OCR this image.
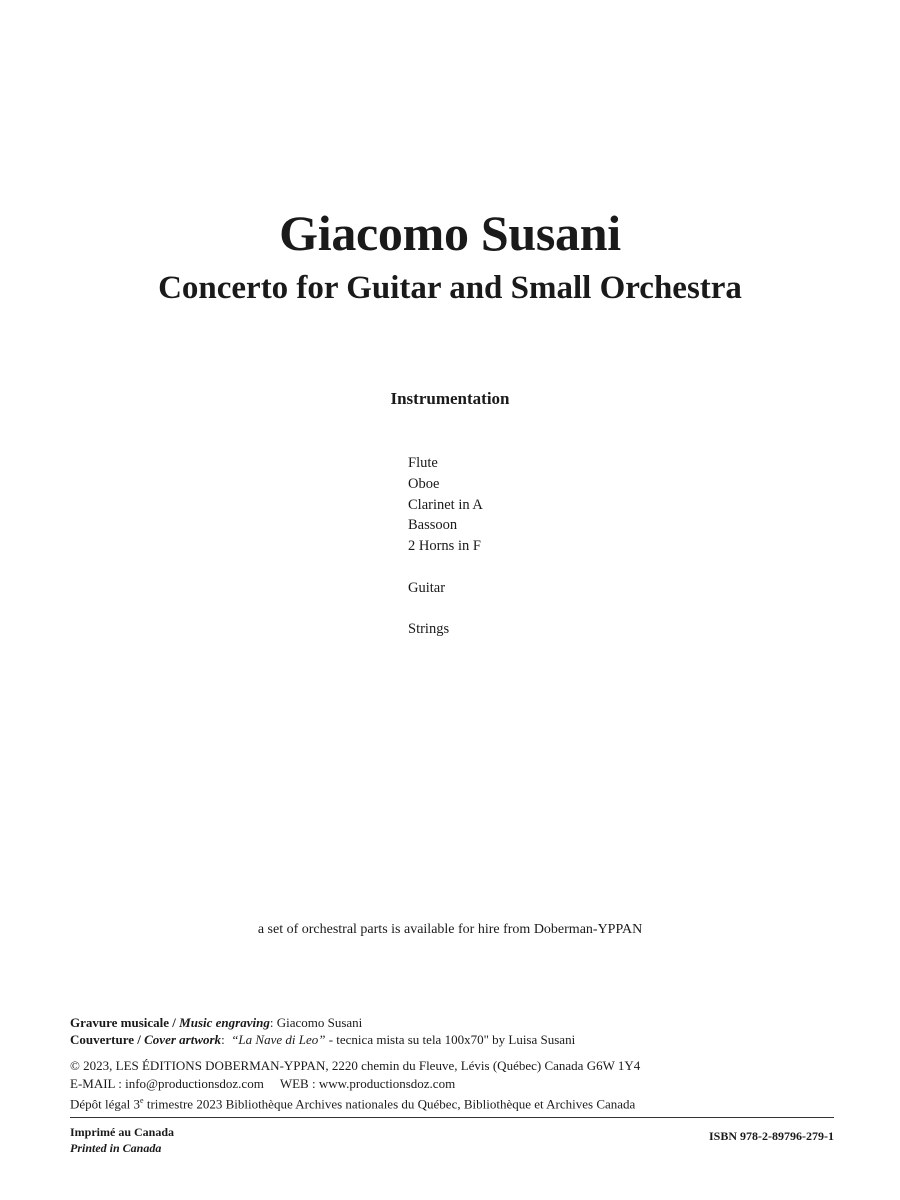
Giacomo Susani
Concerto for Guitar and Small Orchestra
Instrumentation
Flute
Oboe
Clarinet in A
Bassoon
2 Horns in F
Guitar
Strings
a set of orchestral parts is available for hire from Doberman-YPPAN
Gravure musicale / Music engraving: Giacomo Susani
Couverture / Cover artwork: “La Nave di Leo” - tecnica mista su tela 100x70" by Luisa Susani
© 2023, LES ÉDITIONS DOBERMAN-YPPAN, 2220 chemin du Fleuve, Lévis (Québec) Canada G6W 1Y4
E-MAIL : info@productionsdoz.com WEB : www.productionsdoz.com
Dépôt légal 3e trimestre 2023 Bibliothèque Archives nationales du Québec, Bibliothèque et Archives Canada
Imprimé au Canada
Printed in Canada
ISBN 978-2-89796-279-1
